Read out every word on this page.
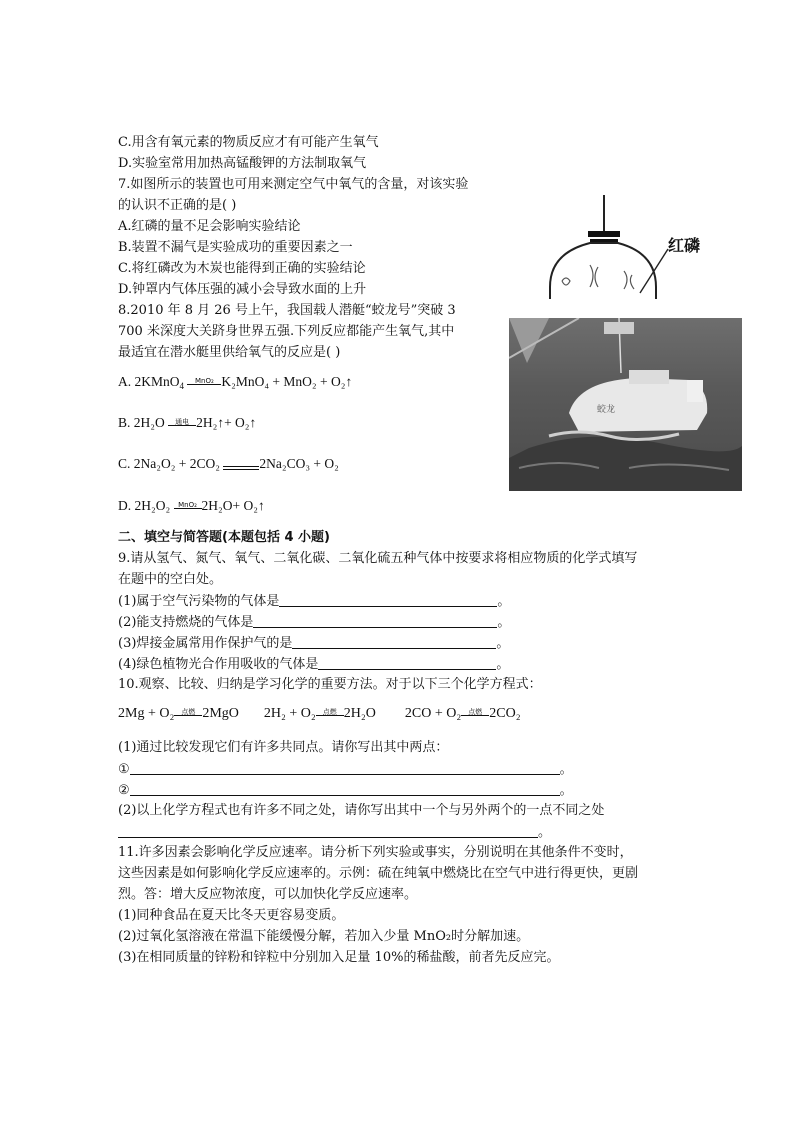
C.用含有氧元素的物质反应才有可能产生氧气
D.实验室常用加热高锰酸钾的方法制取氧气
7.如图所示的装置也可用来测定空气中氧气的含量，对该实验
的认识不正确的是( )
A.红磷的量不足会影响实验结论
B.装置不漏气是实验成功的重要因素之一
C.将红磷改为木炭也能得到正确的实验结论
D.钟罩内气体压强的减小会导致水面的上升
红磷
8.2010 年 8 月 26 号上午，我国载人潜艇“蛟龙号”突破 3
700 米深度大关跻身世界五强.下列反应都能产生氧气,其中
最适宜在潜水艇里供给氧气的反应是( )
蛟龙
A. 2KMnO$_4$
MnO₂ K₂MnO₄ + MnO₂ + O₂↑
B. 2H₂O	通电 2H₂↑+ O₂↑
C. 2Na₂O₂ + 2CO₂	2Na₂CO₃ + O₂
D. 2H₂O₂	MnO₂ 2H₂O+ O₂↑
二、填空与简答题(本题包括 4 小题)
9.请从氢气、氮气、氧气、二氧化碳、二氧化硫五种气体中按要求将相应物质的化学式填写
在题中的空白处。
(1)属于空气污染物的气体是	。
(2)能支持燃烧的气体是	。
(3)焊接金属常用作保护气的是	。
(4)绿色植物光合作用吸收的气体是	。
10.观察、比较、归纳是学习化学的重要方法。对于以下三个化学方程式：
2Mg + O₂	点燃 2MgO 2H₂ + O₂	点燃 2H₂O 2CO + O₂	点燃 2CO₂
(1)通过比较发现它们有许多共同点。请你写出其中两点：
①	。
②	。
(2)以上化学方程式也有许多不同之处，请你写出其中一个与另外两个的一点不同之处
。
11.许多因素会影响化学反应速率。请分析下列实验或事实，分别说明在其他条件不变时，
这些因素是如何影响化学反应速率的。示例：硫在纯氧中燃烧比在空气中进行得更快，更剧
烈。答：增大反应物浓度，可以加快化学反应速率。
(1)同种食品在夏天比冬天更容易变质。
(2)过氧化氢溶液在常温下能缓慢分解，若加入少量 MnO₂时分解加速。
(3)在相同质量的锌粉和锌粒中分别加入足量 10%的稀盐酸，前者先反应完。
